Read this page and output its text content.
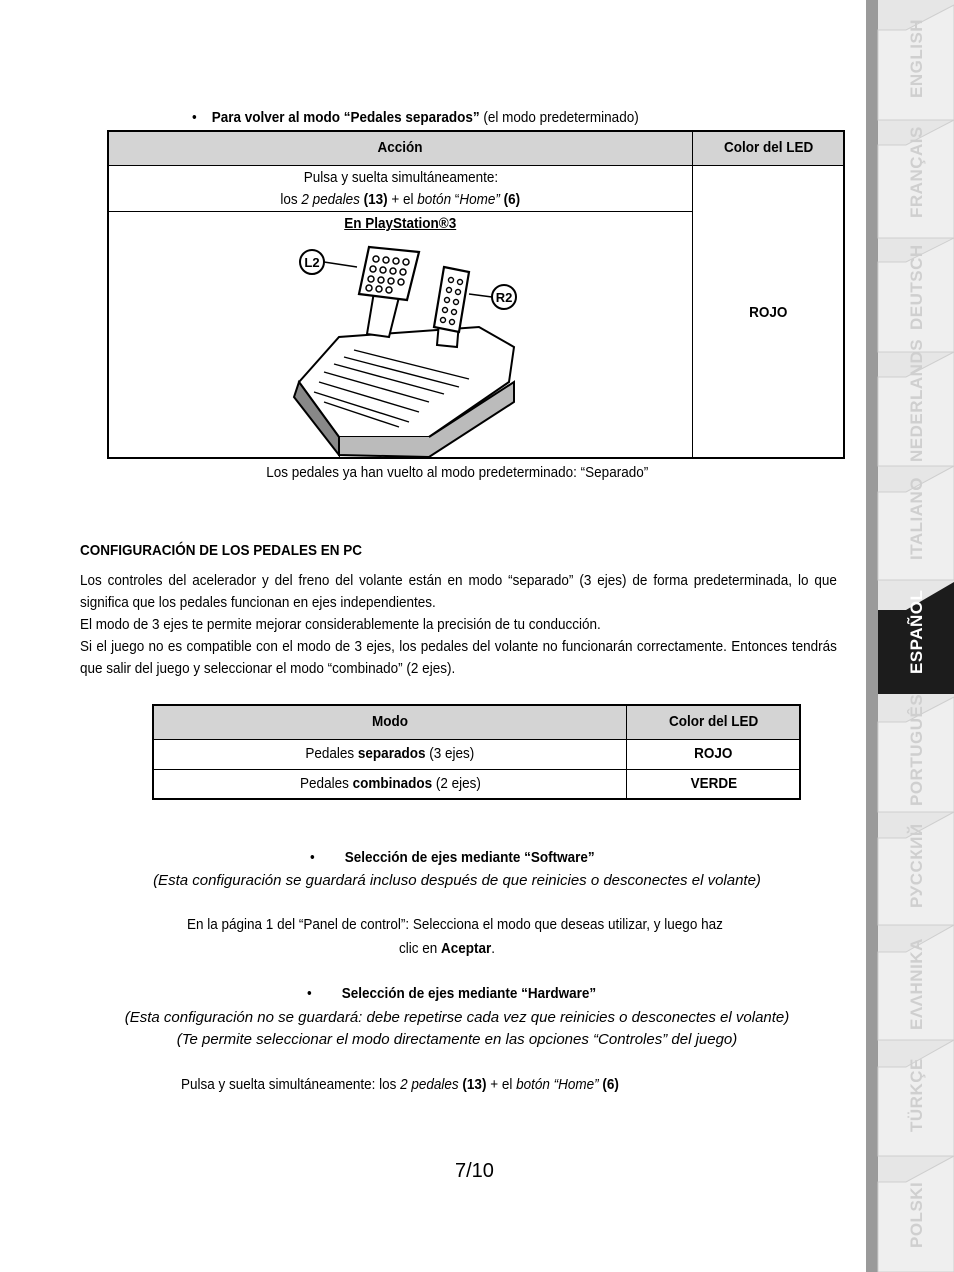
• Para volver al modo “Pedales separados” (el modo predeterminado)
Acción	Color del LED
Pulsa y suelta simultáneamente:
los 2 pedales (13) + el botón “Home” (6)
En PlayStation®3
L2
R2
ROJO
Los pedales ya han vuelto al modo predeterminado: “Separado”
CONFIGURACIÓN DE LOS PEDALES EN PC
Los controles del acelerador y del freno del volante están en modo “separado” (3 ejes) de forma predeterminada, lo que significa que los pedales funcionan en ejes independientes.
El modo de 3 ejes te permite mejorar considerablemente la precisión de tu conducción.
Si el juego no es compatible con el modo de 3 ejes, los pedales del volante no funcionarán correctamente. Entonces tendrás que salir del juego y seleccionar el modo “combinado” (2 ejes).
Modo	Color del LED
Pedales separados (3 ejes)	ROJO
Pedales combinados (2 ejes)	VERDE
• Selección de ejes mediante “Software”
(Esta configuración se guardará incluso después de que reinicies o desconectes el volante)
En la página 1 del “Panel de control”: Selecciona el modo que deseas utilizar, y luego haz
clic en Aceptar.
• Selección de ejes mediante “Hardware”
(Esta configuración no se guardará: debe repetirse cada vez que reinicies o desconectes el volante)
(Te permite seleccionar el modo directamente en las opciones “Controles” del juego)
Pulsa y suelta simultáneamente: los 2 pedales (13) + el botón “Home” (6)
7/10
ENGLISH
FRANÇAIS
DEUTSCH
NEDERLANDS
ITALIANO
ESPAÑOL
PORTUGUÊS
РУССКИЙ
ΕΛΛΗΝΙΚΑ
TÜRKÇE
POLSKI
